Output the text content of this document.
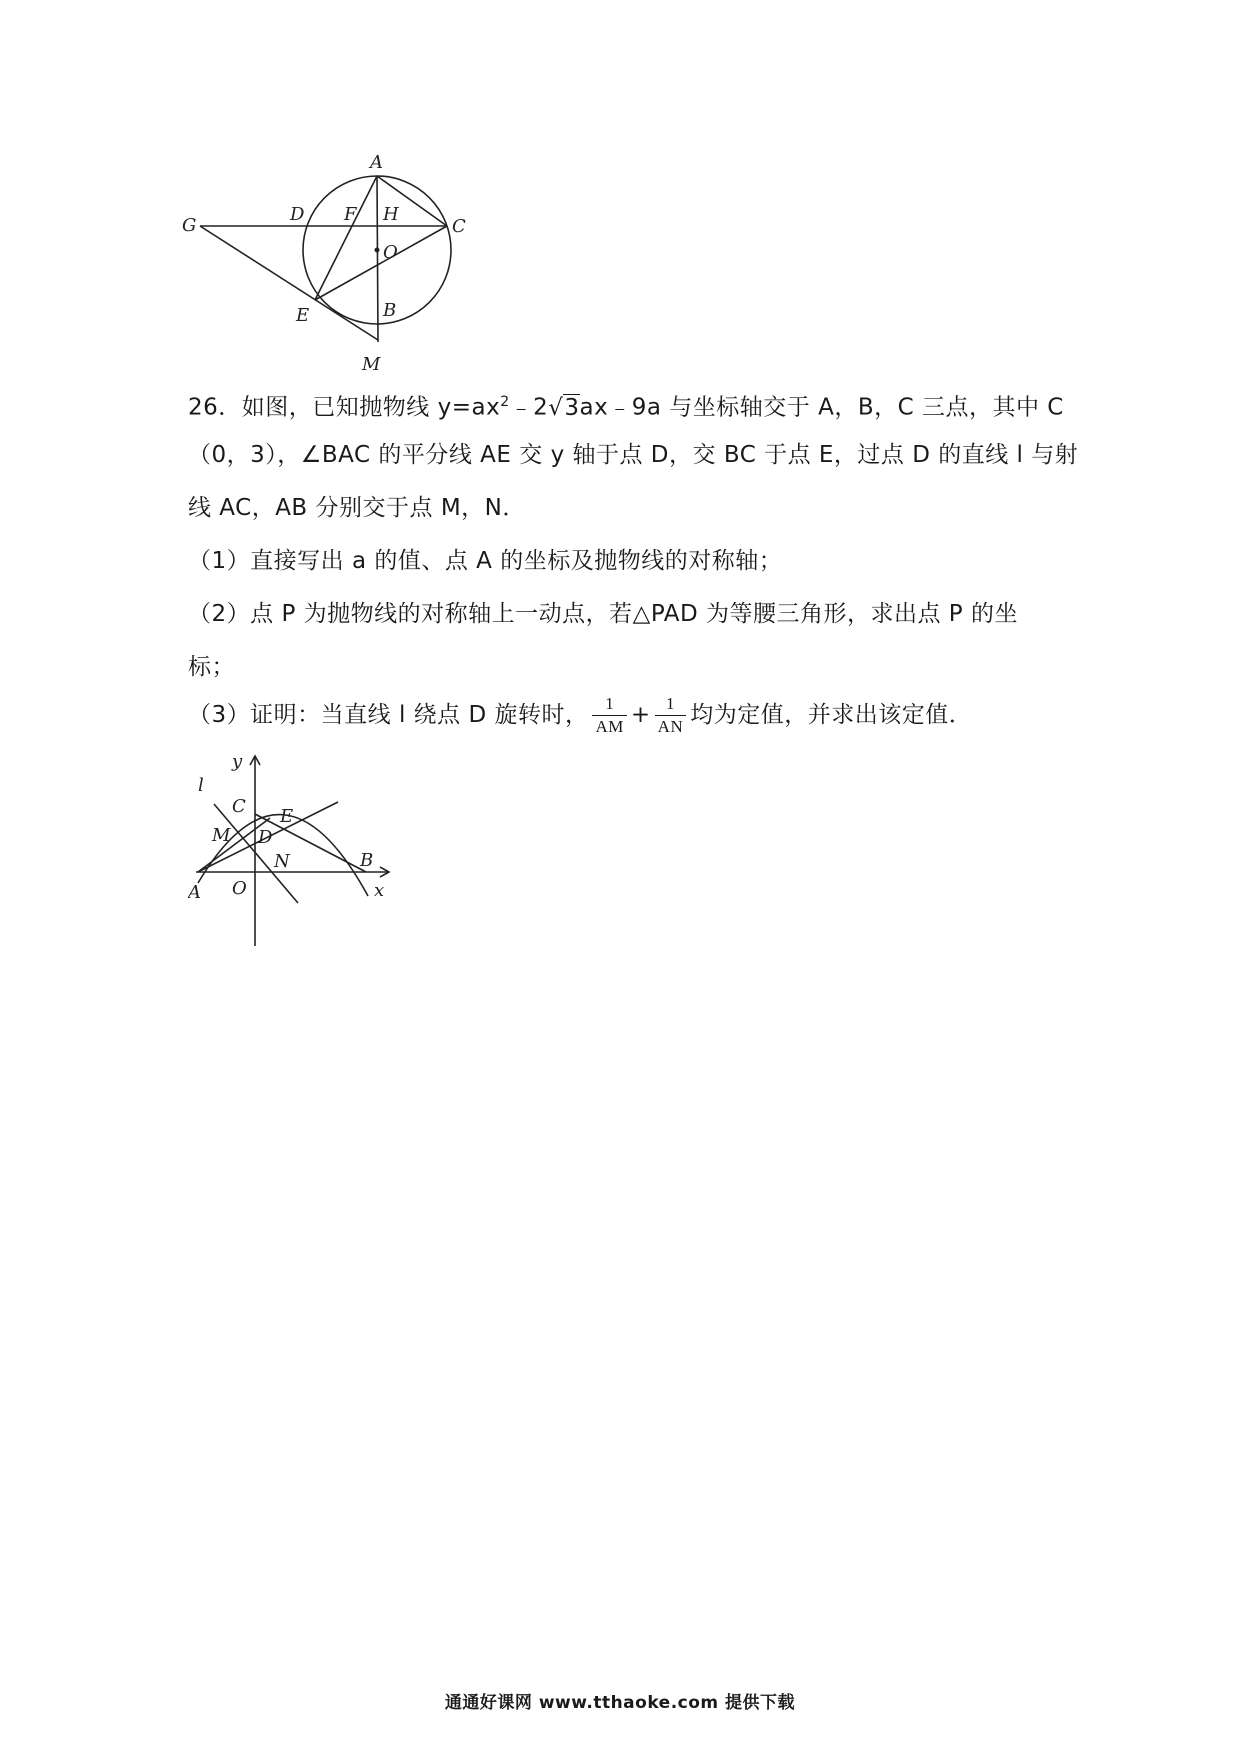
A
G
D F H
C
O
E	B
M
26．如图，已知抛物线 $y=ax^2﹣2√3ax﹣9a$ 与坐标轴交于 A，B，C 三点，其中 C
（0，3），∠BAC 的平分线 AE 交 y 轴于点 D，交 BC 于点 E，过点 D 的直线 l 与射
线 AC，AB 分别交于点 M，N．
（1）直接写出 a 的值、点 A 的坐标及抛物线的对称轴；
（2）点 P 为抛物线的对称轴上一动点，若△PAD 为等腰三角形，求出点 P 的坐
标；
（3）证明：当直线 l 绕点 D 旋转时， $\frac{1}{AM} + \frac{1}{AN}$ 均为定值，并求出该定值．
y
l
C E
M D
N	B
A O	x
通通好课网 www.tthaoke.com 提供下载
